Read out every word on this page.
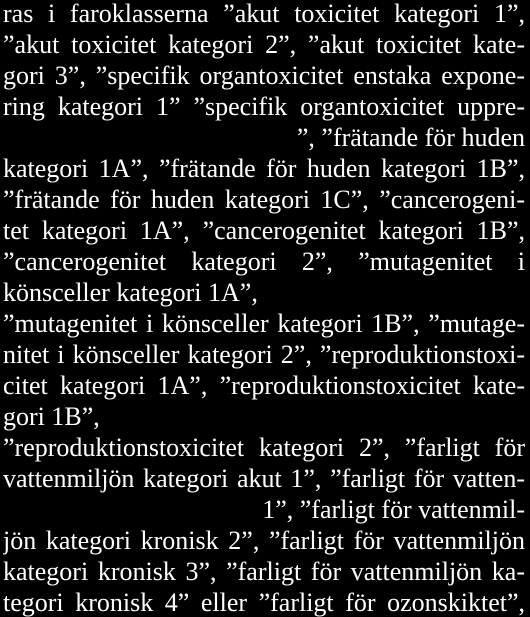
ras i faroklasserna ”akut toxicitet kategori 1”,
”akut toxicitet kategori 2”, ”akut toxicitet kate-
gori 3”, ”specifik organtoxicitet enstaka expone-
ring kategori 1” ”specifik organtoxicitet uppre-
”, ”frätande för huden
kategori 1A”, ”frätande för huden kategori 1B”,
”frätande för huden kategori 1C”, ”cancerogeni-
tet kategori 1A”, ”cancerogenitet kategori 1B”,
”cancerogenitet kategori 2”, ”mutagenitet i
könsceller kategori 1A”,
”mutagenitet i könsceller kategori 1B”, ”mutage-
nitet i könsceller kategori 2”, ”reproduktionstoxi-
citet kategori 1A”, ”reproduktionstoxicitet kate-
gori 1B”,
”reproduktionstoxicitet kategori 2”, ”farligt för
vattenmiljön kategori akut 1”, ”farligt för vatten-
1”, ”farligt för vattenmil-
jön kategori kronisk 2”, ”farligt för vattenmiljön
kategori kronisk 3”, ”farligt för vattenmiljön ka-
tegori kronisk 4” eller ”farligt för ozonskiktet”,
